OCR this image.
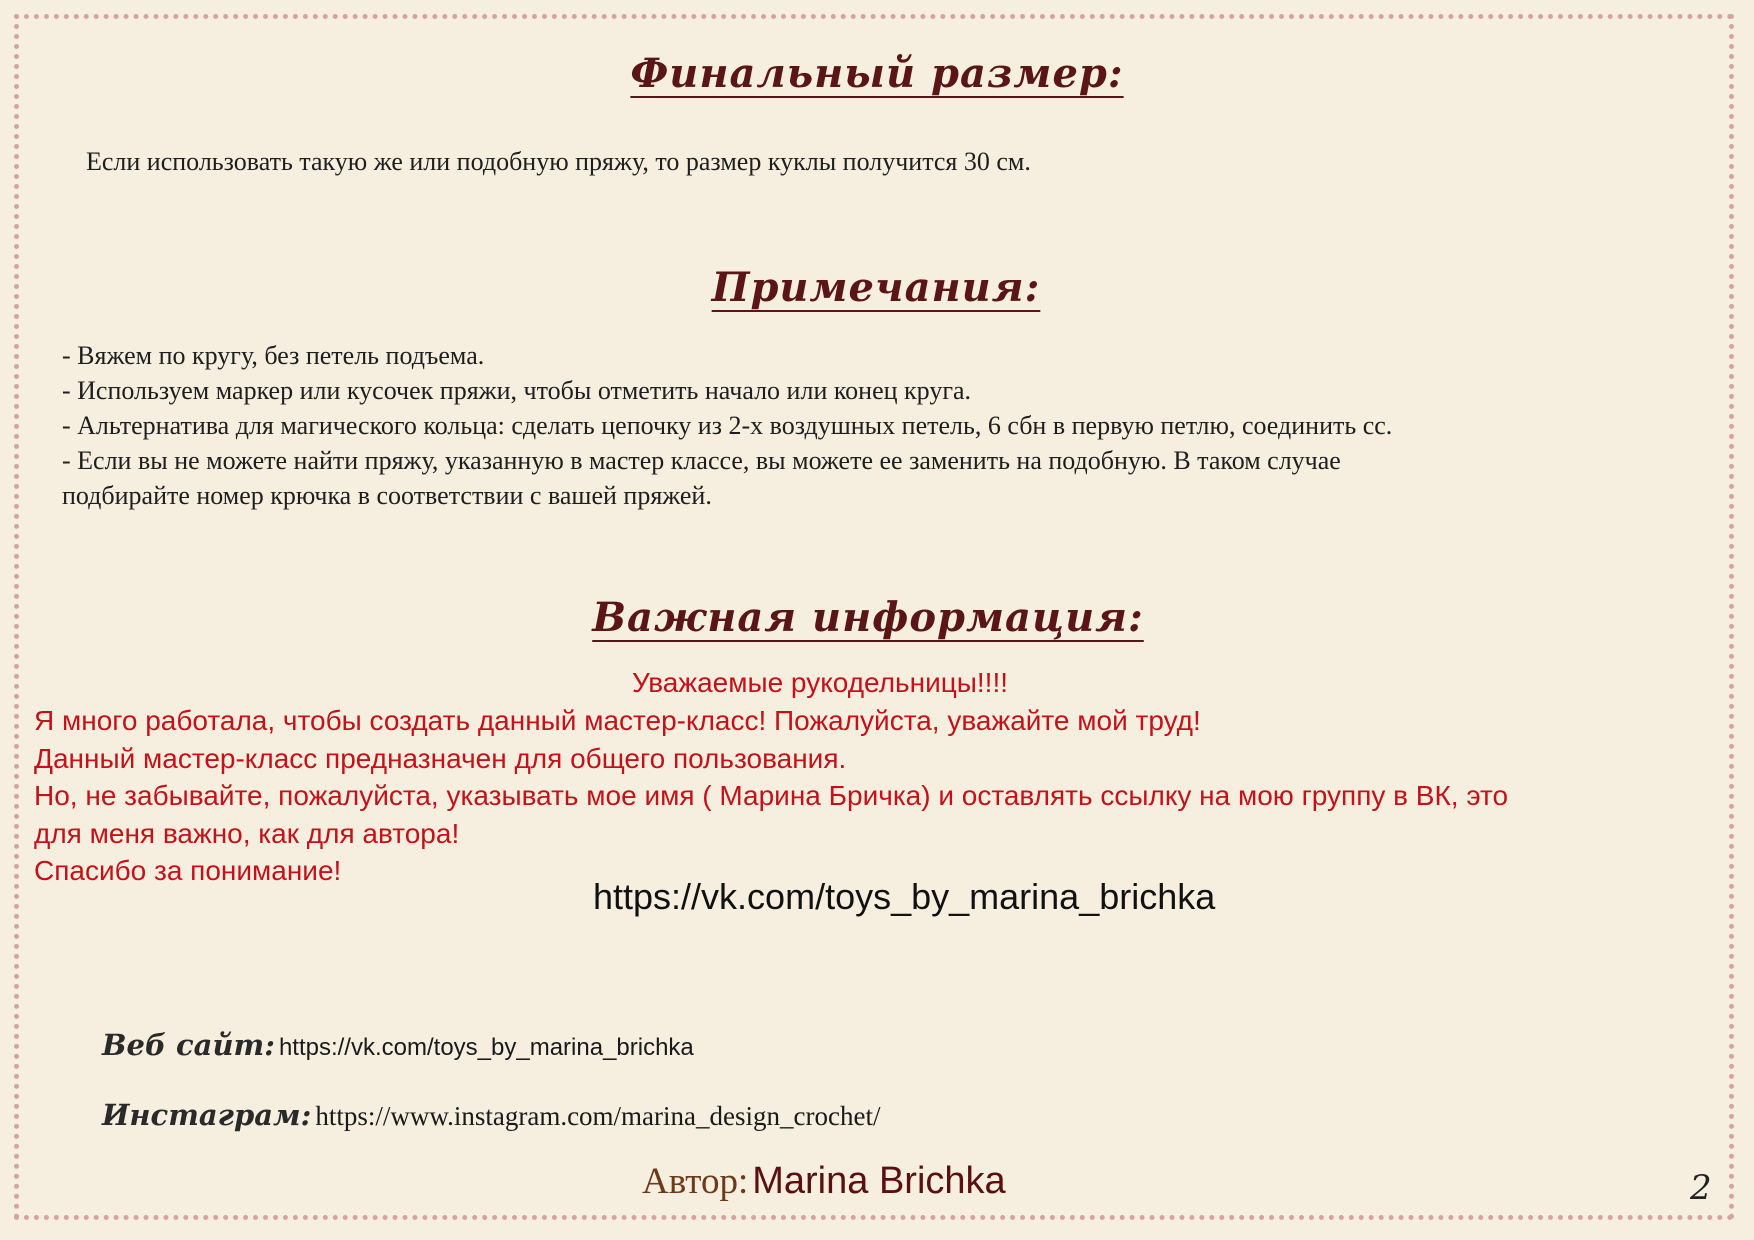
Финальный размер:
Если использовать такую же или подобную пряжу, то размер куклы получится 30 см.
Примечания:
- Вяжем по кругу, без петель подъема.
- Используем маркер или кусочек пряжи, чтобы отметить начало или конец круга.
- Альтернатива для магического кольца: сделать цепочку из 2-х воздушных петель, 6 сбн в первую петлю, соединить сс.
- Если вы не можете найти пряжу, указанную в мастер классе, вы можете ее заменить на подобную. В таком случае
подбирайте номер крючка в соответствии с вашей пряжей.
Важная информация:
Уважаемые рукодельницы!!!!
Я много работала, чтобы создать данный мастер-класс! Пожалуйста, уважайте мой труд!
Данный мастер-класс предназначен для общего пользования.
Но, не забывайте, пожалуйста, указывать мое имя ( Марина Бричка) и оставлять ссылку на мою группу в ВК, это
для меня важно, как для автора!
Спасибо за понимание!
https://vk.com/toys_by_marina_brichka
Веб сайт: https://vk.com/toys_by_marina_brichka
Инстаграм: https://www.instagram.com/marina_design_crochet/
Автор: Marina Brichka	2
